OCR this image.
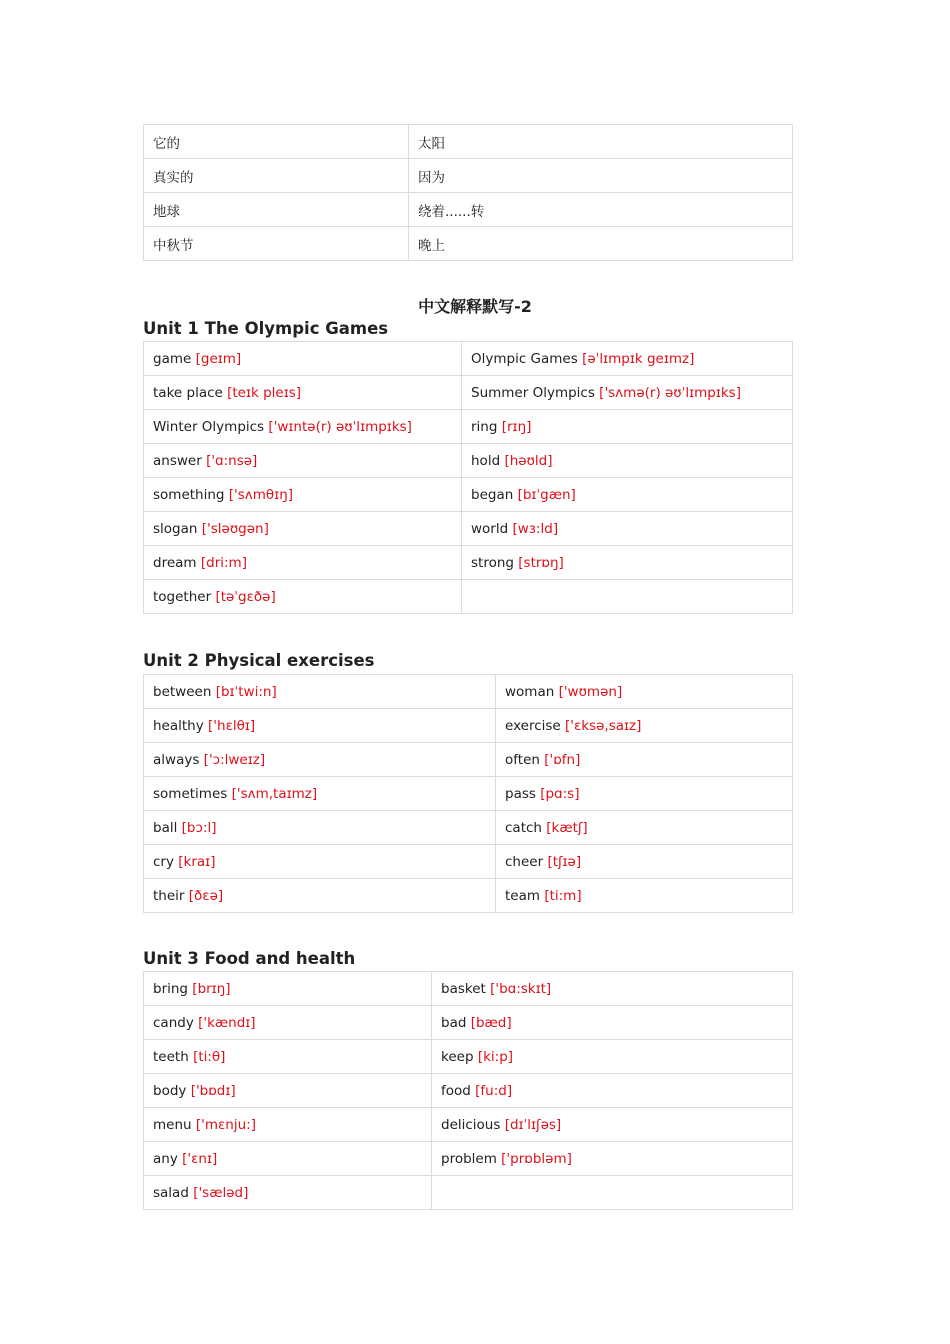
它的	太阳
真实的	因为
地球	绕着......转
中秋节	晚上
中文解释默写-2
Unit 1 The Olympic Games
game [geɪm]	Olympic Games [əˈlɪmpɪk geɪmz]
take place [teɪk pleɪs]	Summer Olympics ['sʌmə(r) əʊˈlɪmpɪks]
Winter Olympics ['wɪntə(r) əʊˈlɪmpɪks]	ring [rɪŋ]
answer ['ɑ:nsə]	hold [həʊld]
something ['sʌmθɪŋ]	began [bɪˈgæn]
slogan ['sləʊgən]	world [wɜ:ld]
dream [dri:m]	strong [strɒŋ]
together [təˈgɛðə]	
Unit 2 Physical exercises
between [bɪˈtwi:n]	woman ['wʊmən]
healthy ['hɛlθɪ]	exercise ['ɛksə,saɪz]
always ['ɔ:lweɪz]	often ['ɒfn]
sometimes ['sʌm,taɪmz]	pass [pɑ:s]
ball [bɔ:l]	catch [kætʃ]
cry [kraɪ]	cheer [tʃɪə]
their [ðɛə]	team [ti:m]
Unit 3 Food and health
bring [brɪŋ]	basket ['bɑ:skɪt]
candy ['kændɪ]	bad [bæd]
teeth [ti:θ]	keep [ki:p]
body ['bɒdɪ]	food [fu:d]
menu ['mɛnju:]	delicious [dɪˈlɪʃəs]
any ['ɛnɪ]	problem ['prɒbləm]
salad ['sæləd]	
